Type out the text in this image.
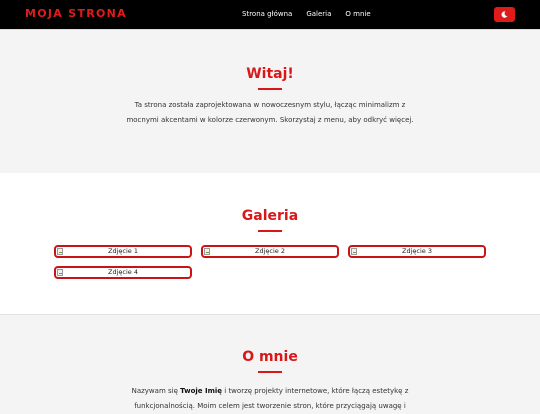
MOJA STRONA	Strona główna Galeria O mnie
Witaj!

Ta strona została zaprojektowana w nowoczesnym stylu, łącząc minimalizm z mocnymi akcentami w kolorze czerwonym. Skorzystaj z menu, aby odkryć więcej.

Galeria
Zdjęcie 1	Zdjęcie 2	Zdjęcie 3
Zdjęcie 4
O mnie

Nazywam się Twoje Imię i tworzę projekty internetowe, które łączą estetykę z funkcjonalnością. Moim celem jest tworzenie stron, które przyciągają uwagę i
